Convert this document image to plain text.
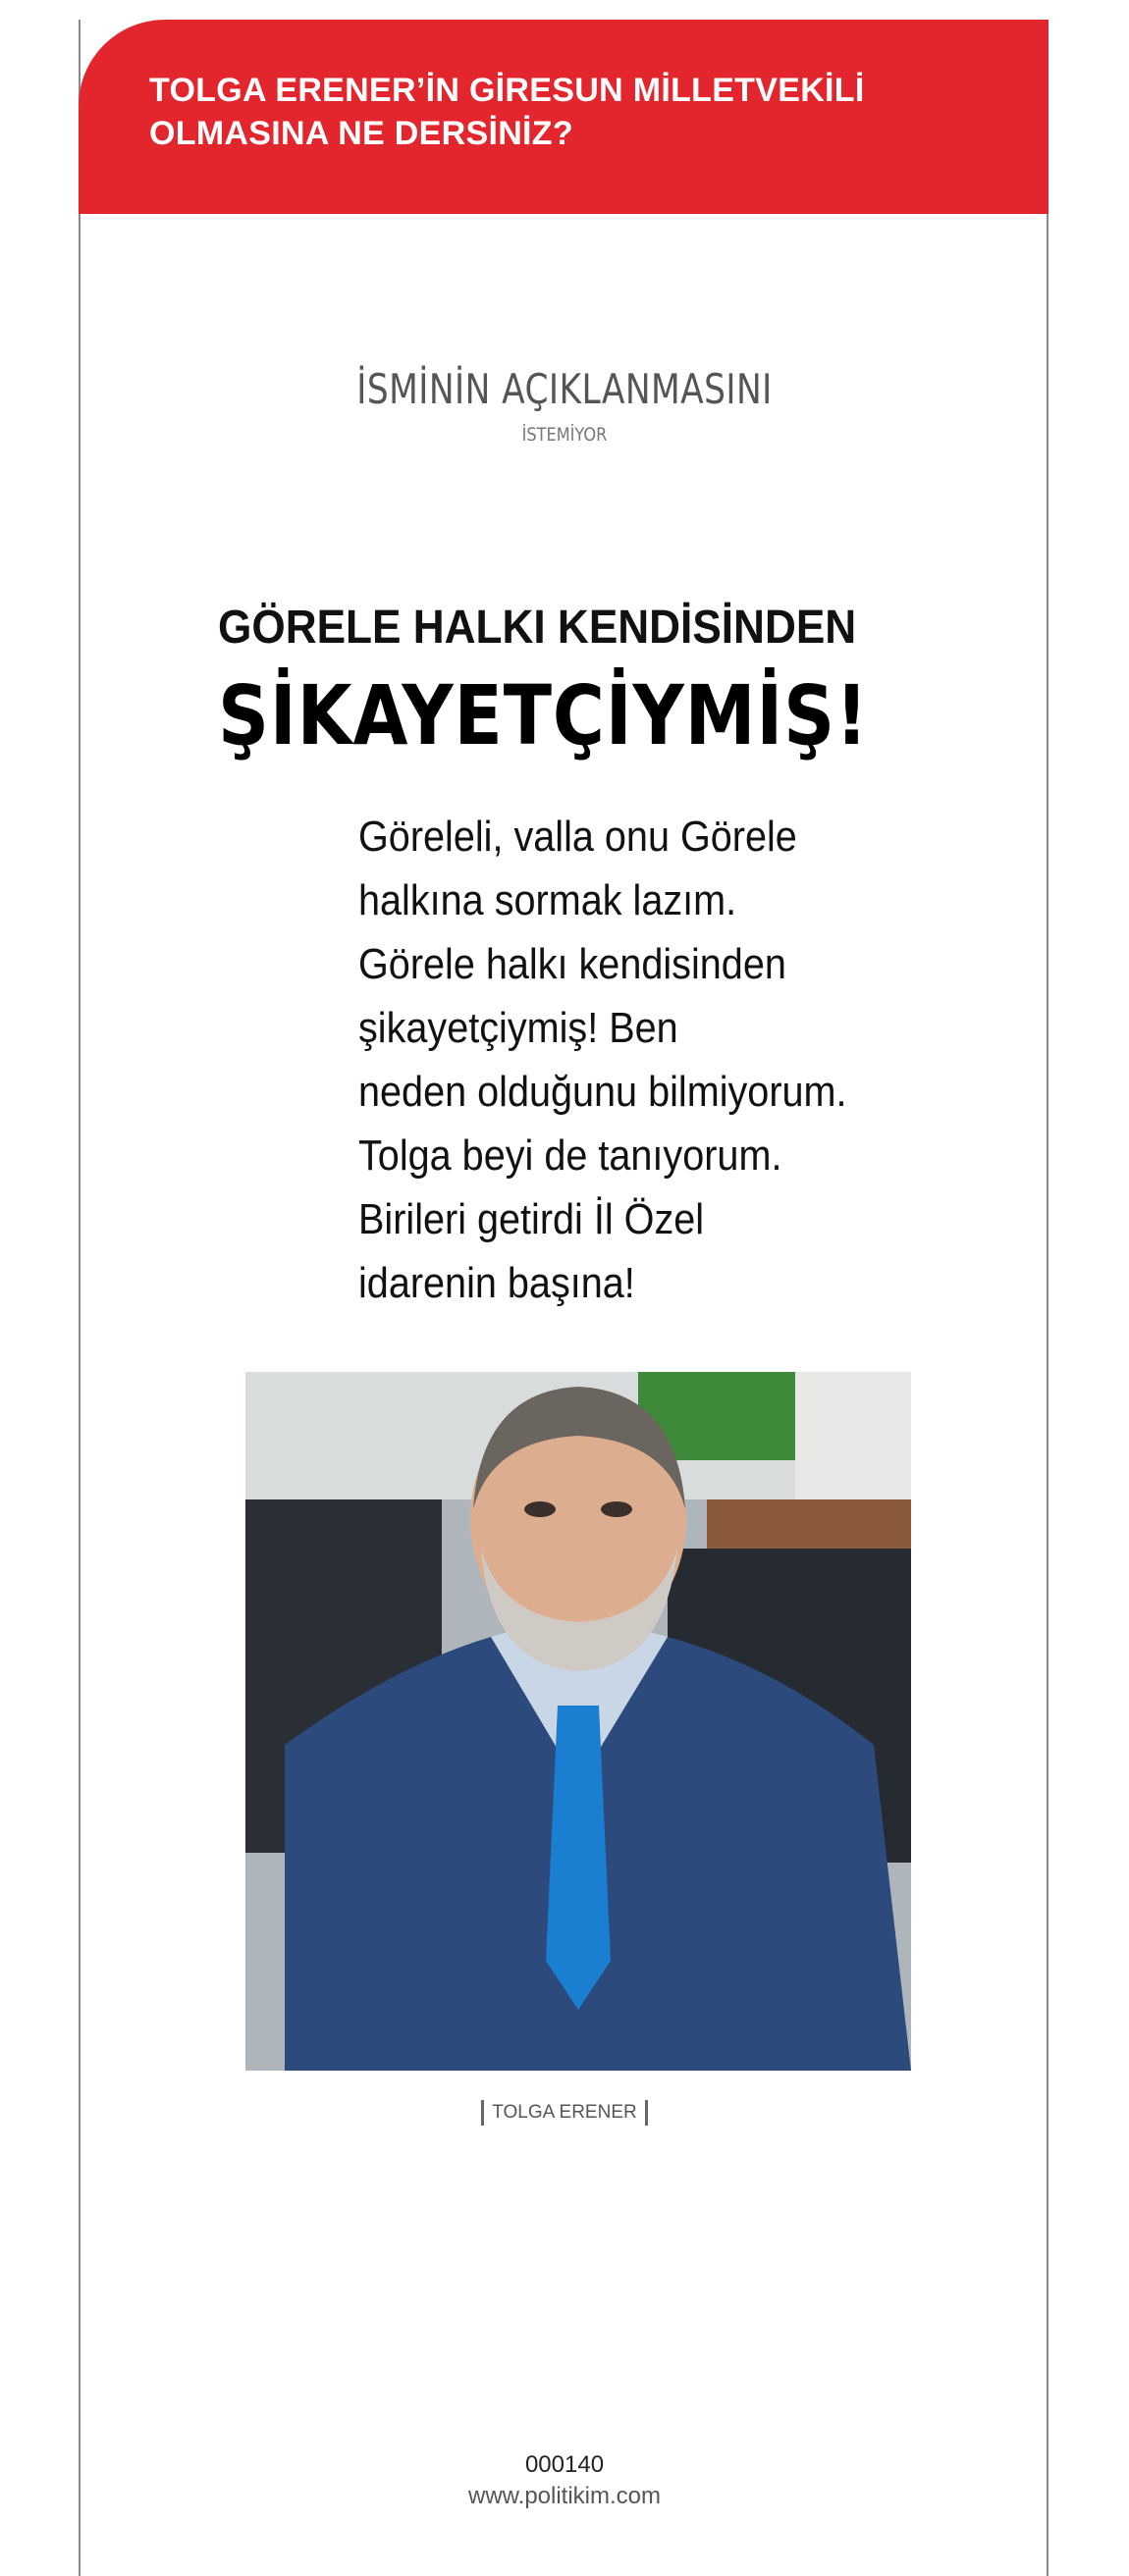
TOLGA ERENER’İN GİRESUN MİLLETVEKİLİ
OLMASINA NE DERSİNİZ?

İSMİNİN AÇIKLANMASINI
İSTEMİYOR
GÖRELE HALKI KENDİSİNDEN
ŞİKAYETÇİYMİŞ!
Göreleli, valla onu Görele
halkına sormak lazım.
Görele halkı kendisinden
şikayetçiymiş! Ben
neden olduğunu bilmiyorum.
Tolga beyi de tanıyorum.
Birileri getirdi İl Özel
idarenin başına!
TOLGA ERENER
000140
www.politikim.com
